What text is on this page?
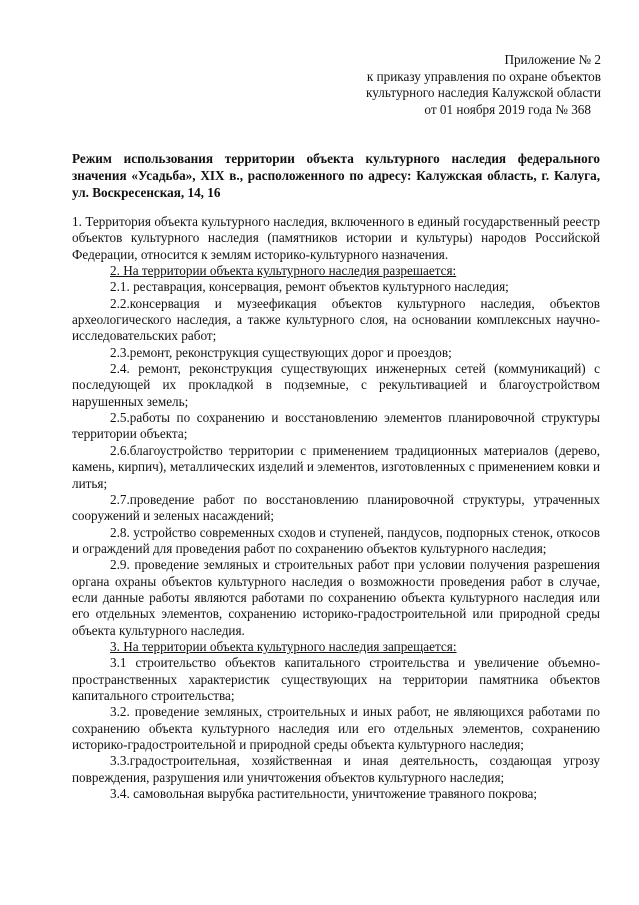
Приложение № 2
к приказу управления по охране объектов
культурного наследия Калужской области
от 01 ноября 2019 года № 368
Режим использования территории объекта культурного наследия федерального значения «Усадьба», XIX в., расположенного по адресу: Калужская область, г. Калуга, ул. Воскресенская, 14, 16

1. Территория объекта культурного наследия, включенного в единый государственный реестр объектов культурного наследия (памятников истории и культуры) народов Российской Федерации, относится к землям историко-культурного назначения.

2. На территории объекта культурного наследия разрешается:

2.1. реставрация, консервация, ремонт объектов культурного наследия;

2.2.консервация и музеефикация объектов культурного наследия, объектов археологического наследия, а также культурного слоя, на основании комплексных научно-исследовательских работ;

2.3.ремонт, реконструкция существующих дорог и проездов;

2.4. ремонт, реконструкция существующих инженерных сетей (коммуникаций) с последующей их прокладкой в подземные, с рекультивацией и благоустройством нарушенных земель;

2.5.работы по сохранению и восстановлению элементов планировочной структуры территории объекта;

2.6.благоустройство территории с применением традиционных материалов (дерево, камень, кирпич), металлических изделий и элементов, изготовленных с применением ковки и литья;

2.7.проведение работ по восстановлению планировочной структуры, утраченных сооружений и зеленых насаждений;

2.8. устройство современных сходов и ступеней, пандусов, подпорных стенок, откосов и ограждений для проведения работ по сохранению объектов культурного наследия;

2.9. проведение земляных и строительных работ при условии получения разрешения органа охраны объектов культурного наследия о возможности проведения работ в случае, если данные работы являются работами по сохранению объекта культурного наследия или его отдельных элементов, сохранению историко-градостроительной или природной среды объекта культурного наследия.

3. На территории объекта культурного наследия запрещается:

3.1 строительство объектов капитального строительства и увеличение объемно-пространственных характеристик существующих на территории памятника объектов капитального строительства;

3.2. проведение земляных, строительных и иных работ, не являющихся работами по сохранению объекта культурного наследия или его отдельных элементов, сохранению историко-градостроительной и природной среды объекта культурного наследия;

3.3.градостроительная, хозяйственная и иная деятельность, создающая угрозу повреждения, разрушения или уничтожения объектов культурного наследия;

3.4. самовольная вырубка растительности, уничтожение травяного покрова;
